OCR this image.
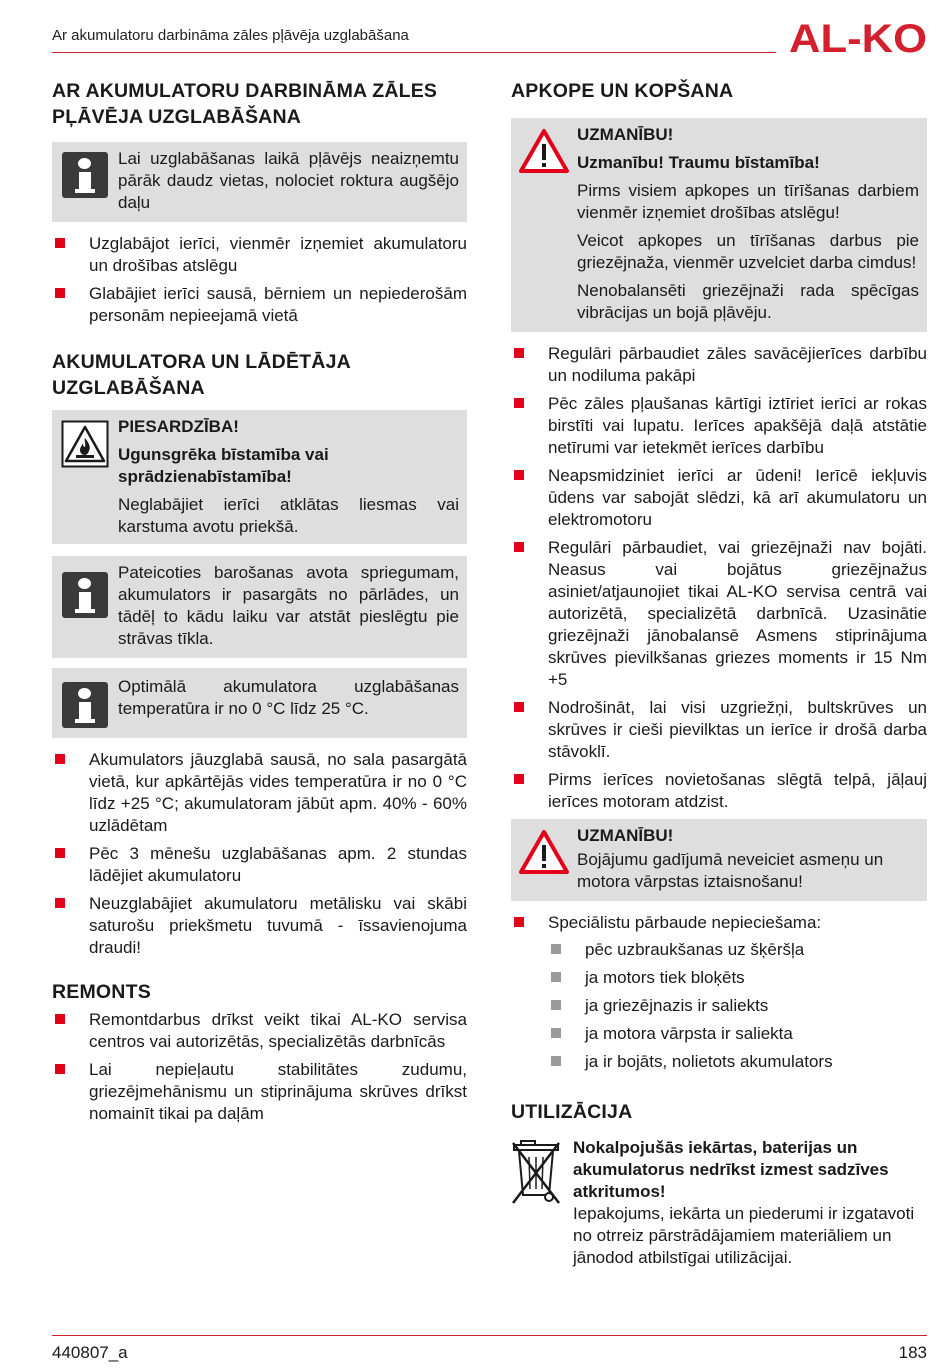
Ar akumulatoru darbināma zāles pļāvēja uzglabāšana	AL-KO
AR AKUMULATORU DARBINĀMA ZĀLES PĻĀVĒJA UZGLABĀŠANA

Lai uzglabāšanas laikā pļāvējs neaizņemtu pārāk daudz vietas, nolociet roktura augšējo daļu

Uzglabājot ierīci, vienmēr izņemiet akumulatoru un drošības atslēgu
Glabājiet ierīci sausā, bērniem un nepiederošām personām nepieejamā vietā
AKUMULATORA UN LĀDĒTĀJA UZGLABĀŠANA

PIESARDZĪBA!

Ugunsgrēka bīstamība vai sprādzienabīstamība!

Neglabājiet ierīci atklātas liesmas vai karstuma avotu priekšā.

Pateicoties barošanas avota spriegumam, akumulators ir pasargāts no pārlādes, un tādēļ to kādu laiku var atstāt pieslēgtu pie strāvas tīkla.

Optimālā akumulatora uzglabāšanas temperatūra ir no 0 °C līdz 25 °C.

Akumulators jāuzglabā sausā, no sala pasargātā vietā, kur apkārtējās vides temperatūra ir no 0 °C līdz +25 °C; akumulatoram jābūt apm. 40% - 60% uzlādētam
Pēc 3 mēnešu uzglabāšanas apm. 2 stundas lādējiet akumulatoru
Neuzglabājiet akumulatoru metālisku vai skābi saturošu priekšmetu tuvumā - īssavienojuma draudi!
REMONTS
Remontdarbus drīkst veikt tikai AL-KO servisa centros vai autorizētās, specializētās darbnīcās
Lai nepieļautu stabilitātes zudumu, griezējmehānismu un stiprinājuma skrūves drīkst nomainīt tikai pa daļām
APKOPE UN KOPŠANA

UZMANĪBU!

Uzmanību! Traumu bīstamība!

Pirms visiem apkopes un tīrīšanas darbiem vienmēr izņemiet drošības atslēgu!

Veicot apkopes un tīrīšanas darbus pie griezējnaža, vienmēr uzvelciet darba cimdus!

Nenobalansēti griezējnaži rada spēcīgas vibrācijas un bojā pļāvēju.

Regulāri pārbaudiet zāles savācējierīces darbību un nodiluma pakāpi
Pēc zāles pļaušanas kārtīgi iztīriet ierīci ar rokas birstīti vai lupatu. Ierīces apakšējā daļā atstātie netīrumi var ietekmēt ierīces darbību
Neapsmidziniet ierīci ar ūdeni! Ierīcē iekļuvis ūdens var sabojāt slēdzi, kā arī akumulatoru un elektromotoru
Regulāri pārbaudiet, vai griezējnaži nav bojāti. Neasus vai bojātus griezējnažus asiniet/atjaunojiet tikai AL-KO servisa centrā vai autorizētā, specializētā darbnīcā. Uzasinātie griezējnaži jānobalansē Asmens stiprinājuma skrūves pievilkšanas griezes moments ir 15 Nm +5
Nodrošināt, lai visi uzgriežņi, bultskrūves un skrūves ir cieši pievilktas un ierīce ir drošā darba stāvoklī.
Pirms ierīces novietošanas slēgtā telpā, jāļauj ierīces motoram atdzist.

UZMANĪBU!

Bojājumu gadījumā neveiciet asmeņu un motora vārpstas iztaisnošanu!

Speciālistu pārbaude nepieciešama:
pēc uzbraukšanas uz šķēršļa
ja motors tiek bloķēts
ja griezējnazis ir saliekts
ja motora vārpsta ir saliekta
ja ir bojāts, nolietots akumulators
UTILIZĀCIJA

Nokalpojušās iekārtas, baterijas un akumulatorus nedrīkst izmest sadzīves atkritumos!

Iepakojums, iekārta un piederumi ir izgatavoti no otrreiz pārstrādājamiem materiāliem un jānodod atbilstīgai utilizācijai.

440807_a	183
